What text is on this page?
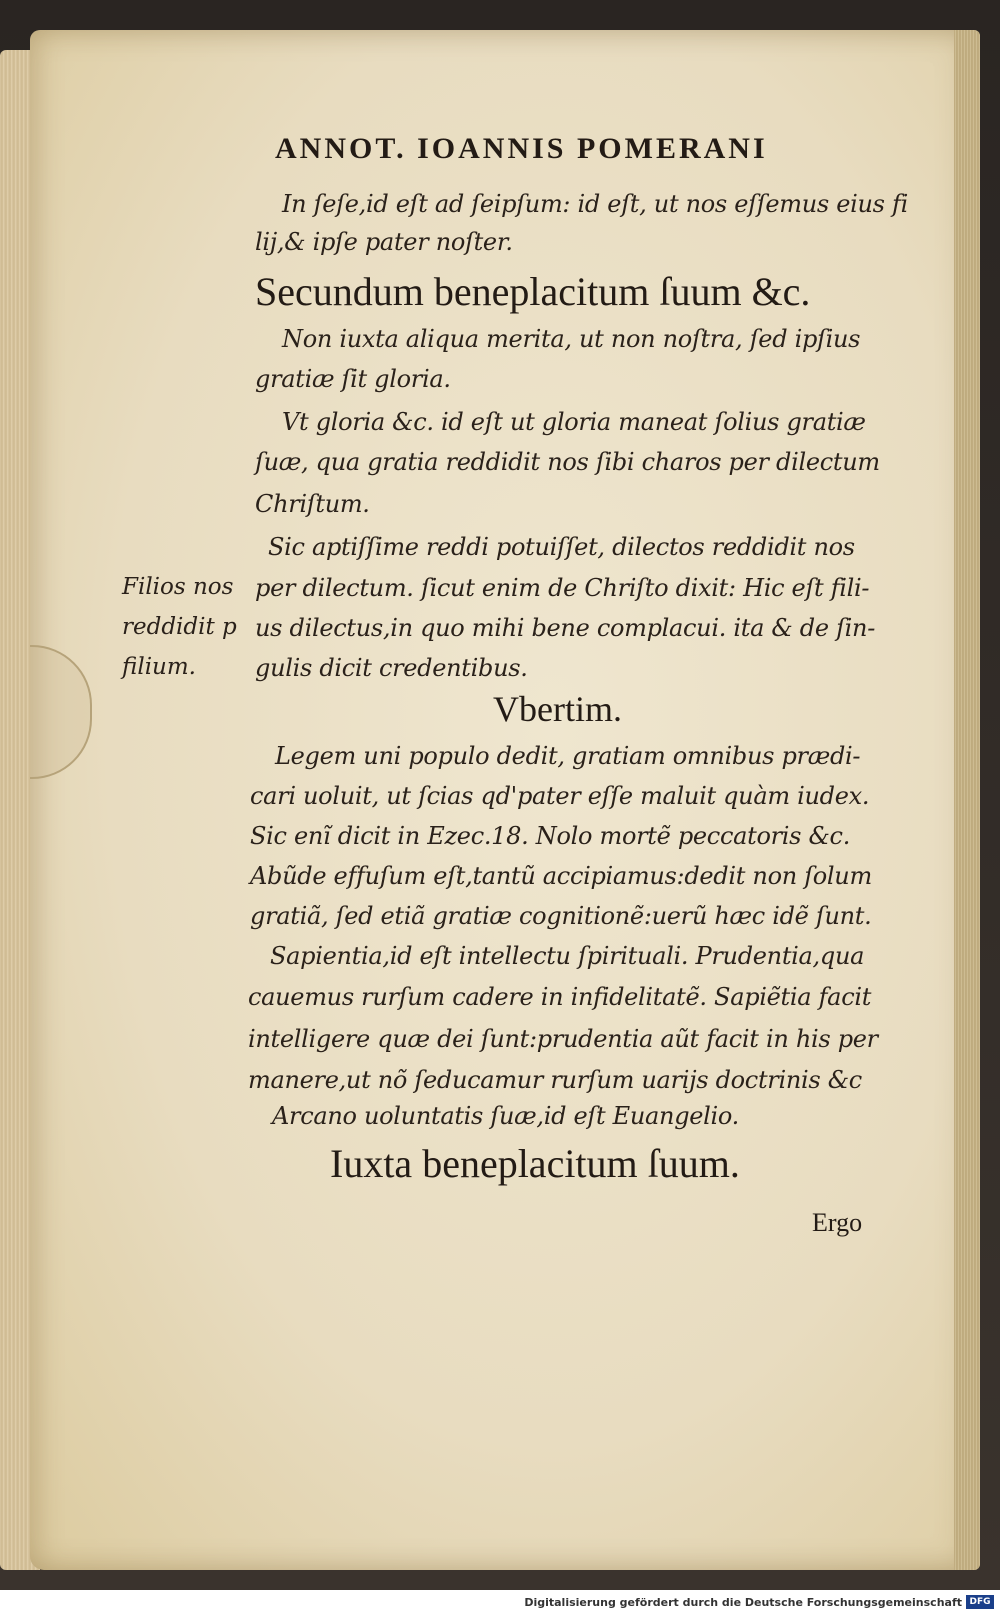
ANNOT. IOANNIS POMERANI
In ſeſe,id eſt ad ſeipſum: id eſt, ut nos eſſemus eius fi
lij,& ipſe pater noſter.
Secundum beneplacitum ſuum &c.
Non iuxta aliqua merita, ut non noſtra, ſed ipſius
gratiæ ſit gloria.
Vt gloria &c. id eſt ut gloria maneat ſolius gratiæ
ſuæ, qua gratia reddidit nos ſibi charos per dilectum
Chriſtum.
Sic aptiſſime reddi potuiſſet, dilectos reddidit nos
per dilectum. ſicut enim de Chriſto dixit: Hic eſt fili-
us dilectus,in quo mihi bene complacui. ita & de ſin-
gulis dicit credentibus.
Filios nos
reddidit p
filium.
Vbertim.
Legem uni populo dedit, gratiam omnibus prædi-
cari uoluit, ut ſcias qd'pater eſſe maluit quàm iudex.
Sic enĩ dicit in Ezec.18. Nolo mortẽ peccatoris &c.
Abũde effuſum eſt,tantũ accipiamus:dedit non ſolum
gratiã, ſed etiã gratiæ cognitionẽ:uerũ hæc idẽ ſunt.
Sapientia,id eſt intellectu ſpirituali. Prudentia,qua
cauemus rurſum cadere in infidelitatẽ. Sapiẽtia facit
intelligere quæ dei ſunt:prudentia aũt facit in his per
manere,ut nõ ſeducamur rurſum uarijs doctrinis &c
Arcano uoluntatis ſuæ,id eſt Euangelio.
Iuxta beneplacitum ſuum.
Ergo
Digitalisierung gefördert durch die Deutsche Forschungsgemeinschaft DFG
